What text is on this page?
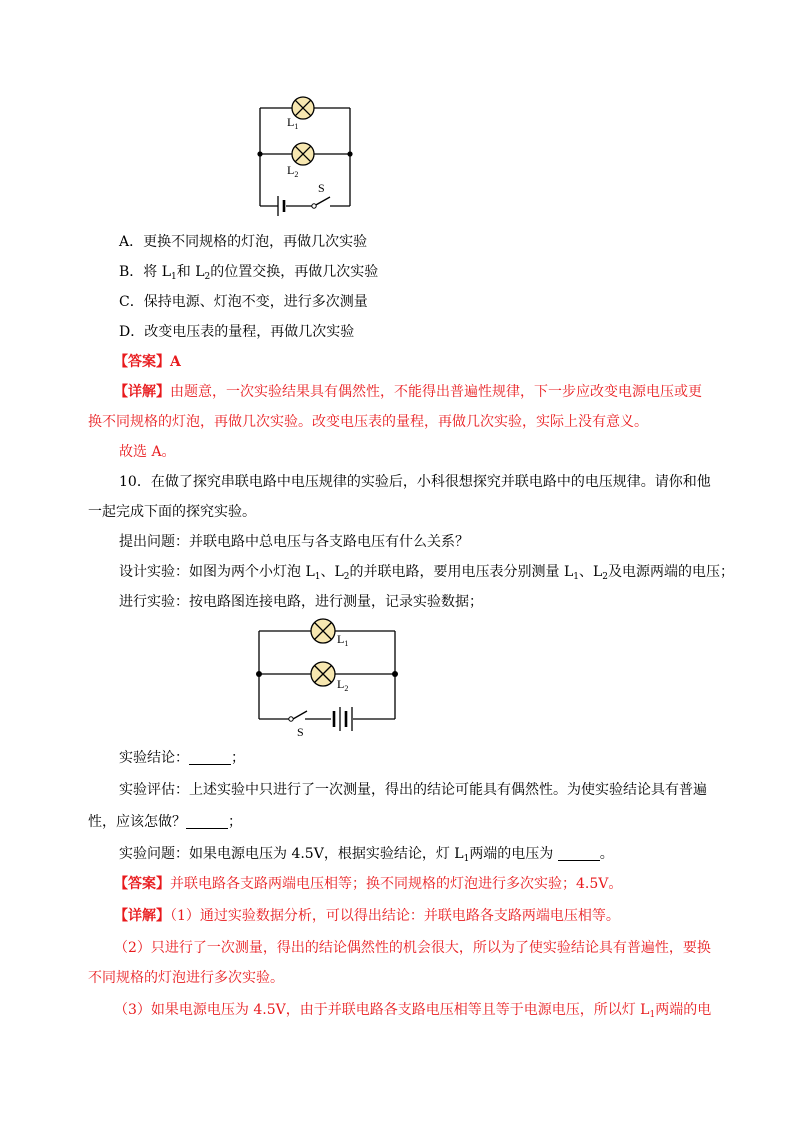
$L_1$
$L_2$
S
A．更换不同规格的灯泡，再做几次实验
B．将 $L_1$和 $L_2$的位置交换，再做几次实验
C．保持电源、灯泡不变，进行多次测量
D．改变电压表的量程，再做几次实验
【答案】A
【详解】由题意，一次实验结果具有偶然性，不能得出普遍性规律，下一步应改变电源电压或更
换不同规格的灯泡，再做几次实验。改变电压表的量程，再做几次实验，实际上没有意义。
故选 A。
10．在做了探究串联电路中电压规律的实验后，小科很想探究并联电路中的电压规律。请你和他
一起完成下面的探究实验。
提出问题：并联电路中总电压与各支路电压有什么关系？
设计实验：如图为两个小灯泡 $L_1$、$L_2$的并联电路，要用电压表分别测量 $L_1$、$L_2$及电源两端的电压；
进行实验：按电路图连接电路，进行测量，记录实验数据；
$L_1$
$L_2$
S
实验结论：	；
实验评估：上述实验中只进行了一次测量，得出的结论可能具有偶然性。为使实验结论具有普遍
性，应该怎做？	；
实验问题：如果电源电压为 4.5V，根据实验结论，灯 $L_1$两端的电压为	。
【答案】并联电路各支路两端电压相等；换不同规格的灯泡进行多次实验；4.5V。
【详解】（1）通过实验数据分析，可以得出结论：并联电路各支路两端电压相等。
（2）只进行了一次测量，得出的结论偶然性的机会很大，所以为了使实验结论具有普遍性，要换
不同规格的灯泡进行多次实验。
（3）如果电源电压为 4.5V，由于并联电路各支路电压相等且等于电源电压，所以灯 $L_1$两端的电
